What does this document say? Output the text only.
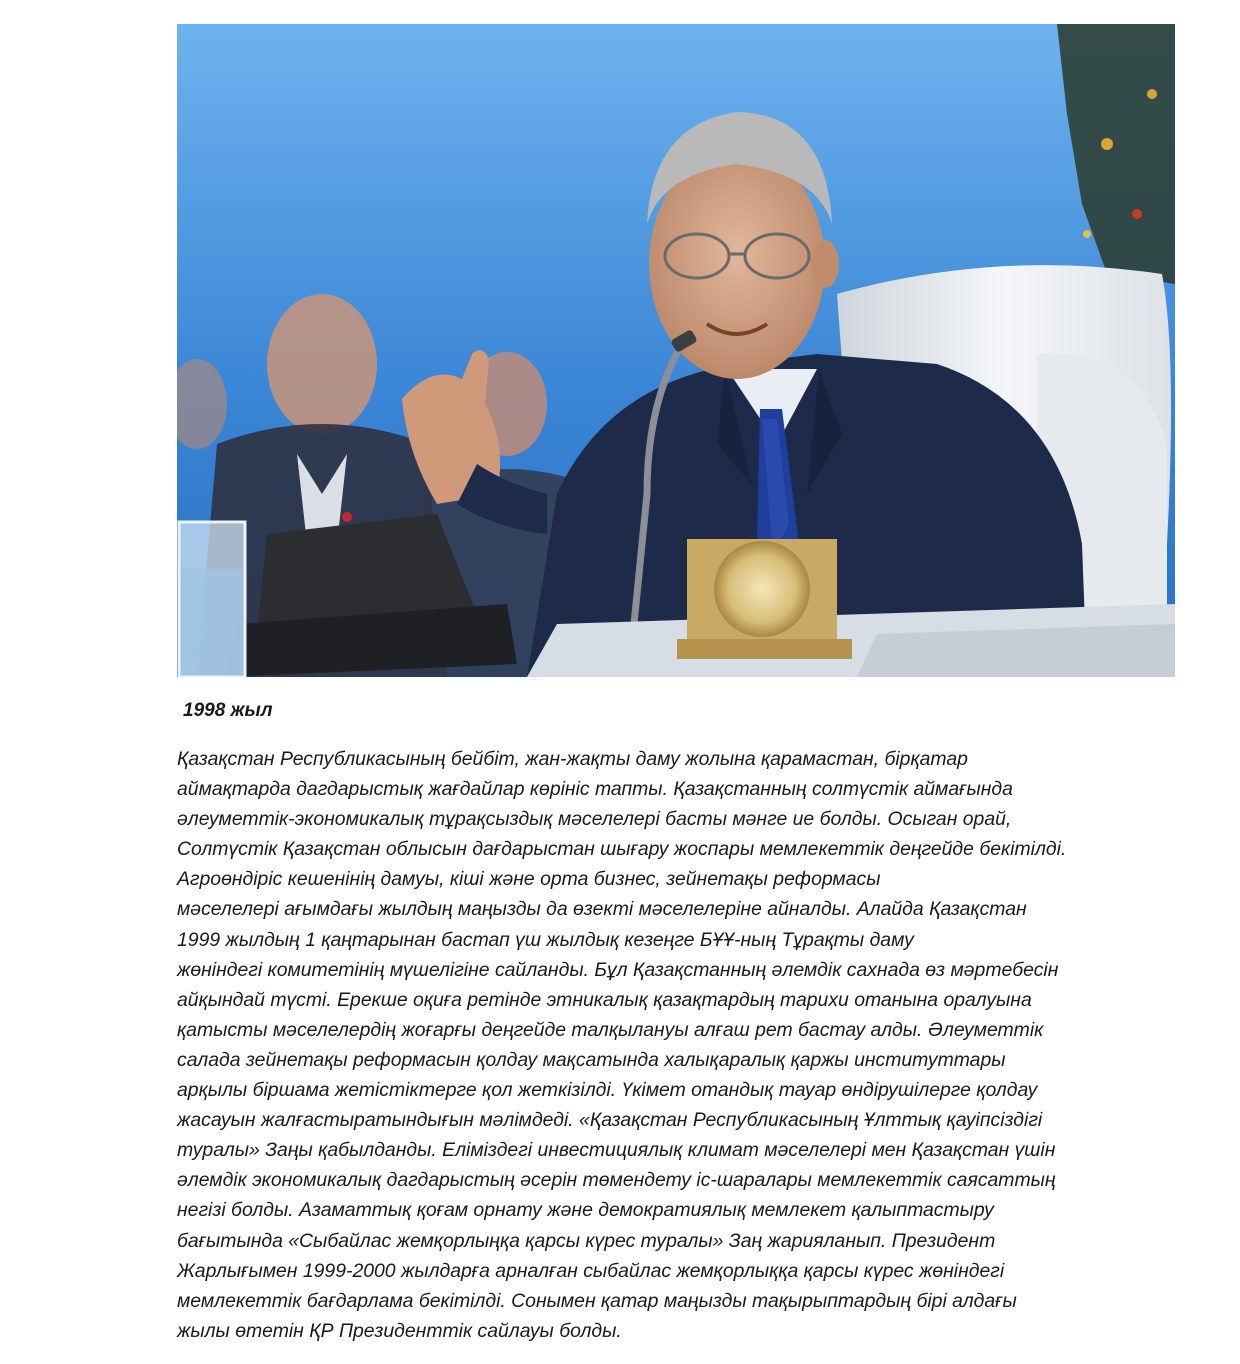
1998 жыл

Қазақстан Республикасының бейбіт, жан-жақты даму жолына қарамастан, бірқатар
аймақтарда дагдарыстық жағдайлар көрініс тапты. Қазақстанның солтүстік аймағында
әлеуметтік-экономикалық тұрақсыздық мәселелері басты мәнге ие болды. Осыган орай,
Солтүстік Қазақстан облысын дағдарыстан шығару жоспары мемлекеттік деңгейде бекітілді.
Агроөндіріс кешенінің дамуы, кіші және орта бизнес, зейнетақы реформасы
мәселелері ағымдағы жылдың маңызды да өзекті мәселелеріне айналды. Алайда Қазақстан
1999 жылдың 1 қаңтарынан бастап үш жылдық кезеңге БҰҰ-ның Тұрақты даму
жөніндегі комитетінің мүшелігіне сайланды. Бұл Қазақстанның әлемдік сахнада өз мәртебесін
айқындай түсті. Ерекше оқиға ретінде этникалық қазақтардың тарихи отанына оралуына
қатысты мәселелердің жоғарғы деңгейде талқылануы алғаш рет бастау алды. Әлеуметтік
салада зейнетақы реформасын қолдау мақсатында халықаралық қаржы институттары
арқылы біршама жетістіктерге қол жеткізілді. Үкімет отандық тауар өндірушілерге қолдау
жасауын жалғастыратындығын мәлімдеді. «Қазақстан Республикасының Ұлттық қауіпсіздігі
туралы» Заңы қабылданды. Еліміздегі инвестициялық климат мәселелері мен Қазақстан үшін
әлемдік экономикалық дагдарыстың әсерін төмендету іс-шаралары мемлекеттік саясаттың
негізі болды. Азаматтық қоғам орнату және демократиялық мемлекет қалыптастыру
бағытында «Сыбайлас жемқорлыңқа қарсы күрес туралы» Заң жарияланып. Президент
Жарлығымен 1999-2000 жылдарға арналған сыбайлас жемқорлыққа қарсы күрес жөніндегі
мемлекеттік бағдарлама бекітілді. Сонымен қатар маңызды тақырыптардың бірі алдағы
жылы өтетін ҚР Президенттік сайлауы болды.
